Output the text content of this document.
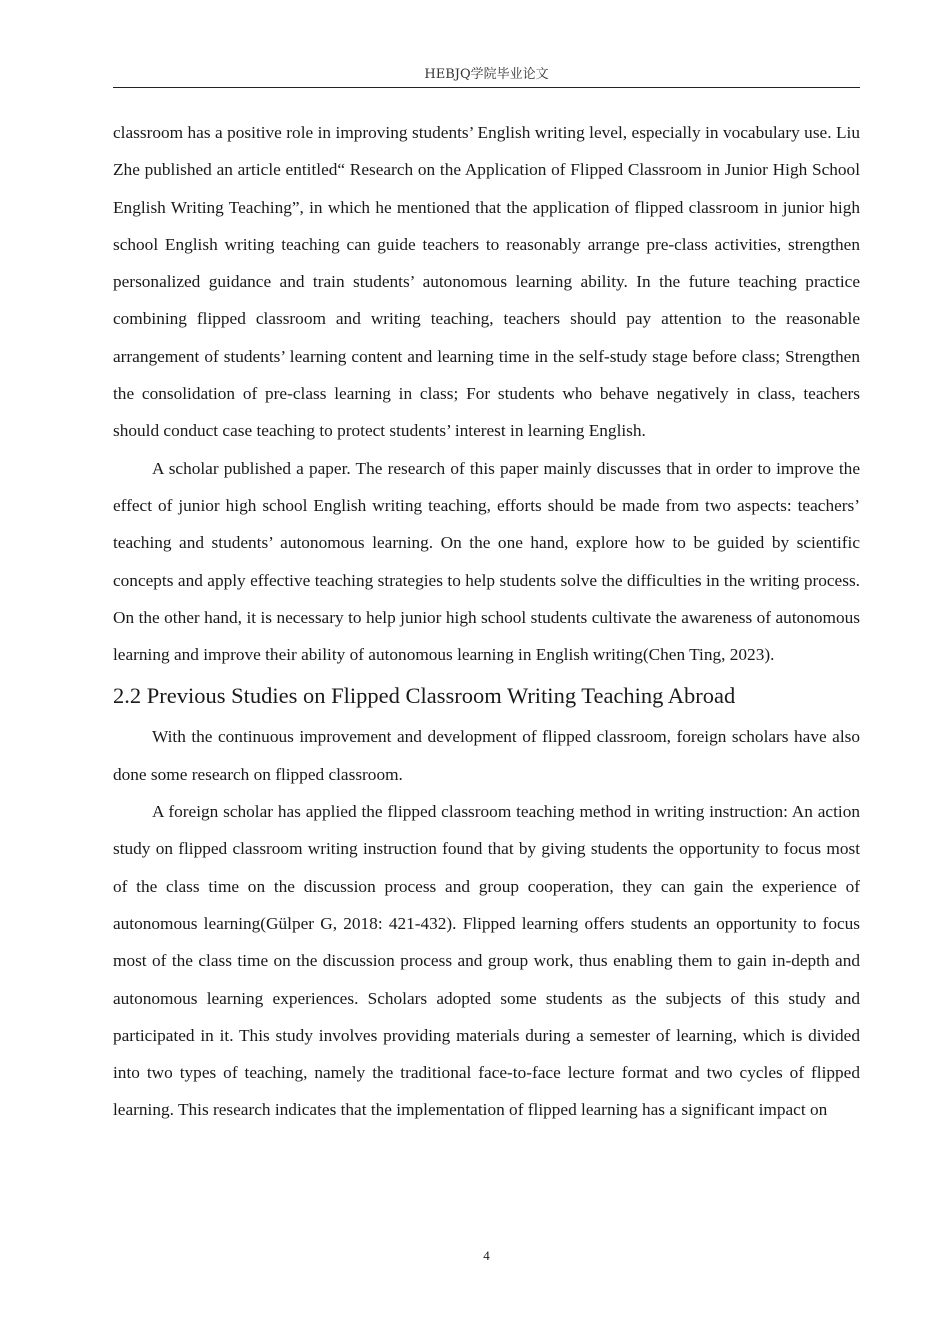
HEBJQ学院毕业论文

classroom has a positive role in improving students’ English writing level, especially in vocabulary use. Liu Zhe published an article entitled“ Research on the Application of Flipped Classroom in Junior High School English Writing Teaching”, in which he mentioned that the application of flipped classroom in junior high school English writing teaching can guide teachers to reasonably arrange pre-class activities, strengthen personalized guidance and train students’ autonomous learning ability. In the future teaching practice combining flipped classroom and writing teaching, teachers should pay attention to the reasonable arrangement of students’ learning content and learning time in the self-study stage before class; Strengthen the consolidation of pre-class learning in class; For students who behave negatively in class, teachers should conduct case teaching to protect students’ interest in learning English.

A scholar published a paper. The research of this paper mainly discusses that in order to improve the effect of junior high school English writing teaching, efforts should be made from two aspects: teachers’ teaching and students’ autonomous learning. On the one hand, explore how to be guided by scientific concepts and apply effective teaching strategies to help students solve the difficulties in the writing process. On the other hand, it is necessary to help junior high school students cultivate the awareness of autonomous learning and improve their ability of autonomous learning in English writing(Chen Ting, 2023).

2.2 Previous Studies on Flipped Classroom Writing Teaching Abroad

With the continuous improvement and development of flipped classroom, foreign scholars have also done some research on flipped classroom.

A foreign scholar has applied the flipped classroom teaching method in writing instruction: An action study on flipped classroom writing instruction found that by giving students the opportunity to focus most of the class time on the discussion process and group cooperation, they can gain the experience of autonomous learning(Gülper G, 2018: 421-432). Flipped learning offers students an opportunity to focus most of the class time on the discussion process and group work, thus enabling them to gain in-depth and autonomous learning experiences. Scholars adopted some students as the subjects of this study and participated in it. This study involves providing materials during a semester of learning, which is divided into two types of teaching, namely the traditional face-to-face lecture format and two cycles of flipped learning. This research indicates that the implementation of flipped learning has a significant impact on

4
